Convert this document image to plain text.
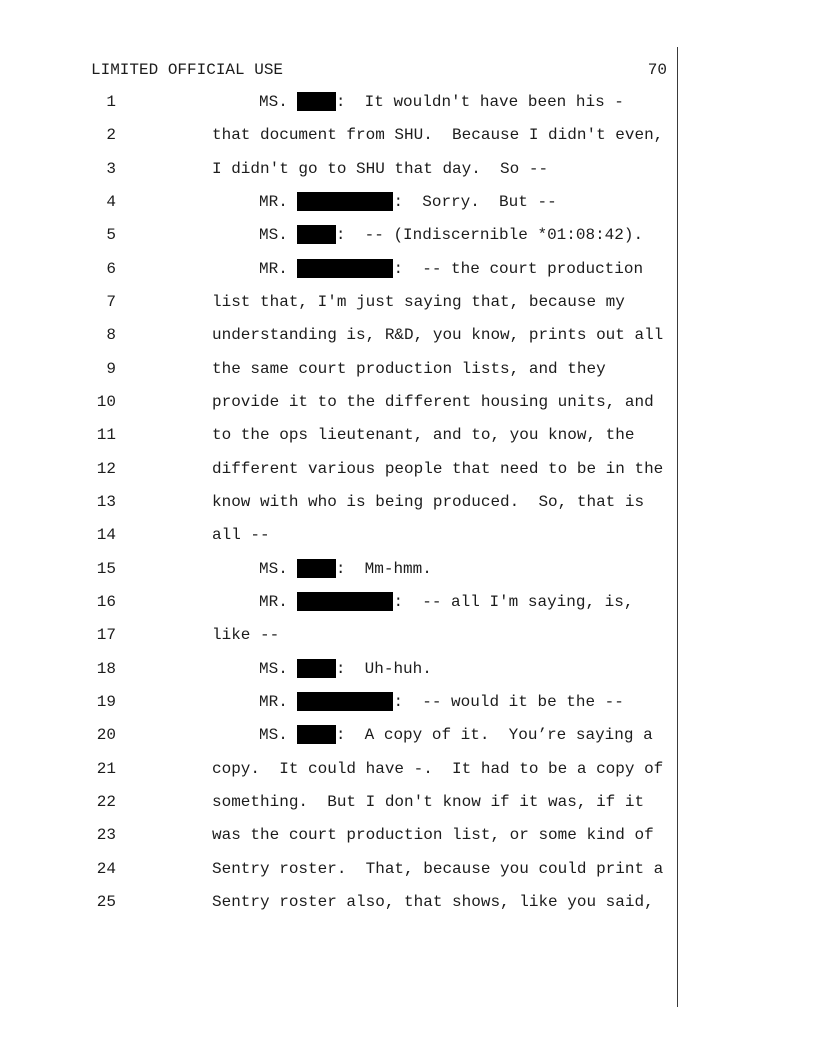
LIMITED OFFICIAL USE	70
1	MS.	:  It wouldn't have been his -
2	that document from SHU.  Because I didn't even,
3	I didn't go to SHU that day.  So --
4	MR.	:  Sorry.  But --
5	MS.	:  -- (Indiscernible *01:08:42).
6	MR.	:  -- the court production
7	list that, I'm just saying that, because my
8	understanding is, R&D, you know, prints out all
9	the same court production lists, and they
10	provide it to the different housing units, and
11	to the ops lieutenant, and to, you know, the
12	different various people that need to be in the
13	know with who is being produced.  So, that is
14	all --
15	MS.	:  Mm-hmm.
16	MR.	:  -- all I'm saying, is,
17	like --
18	MS.	:  Uh-huh.
19	MR.	:  -- would it be the --
20	MS.	:  A copy of it.  You’re saying a
21	copy.  It could have -.  It had to be a copy of
22	something.  But I don't know if it was, if it
23	was the court production list, or some kind of
24	Sentry roster.  That, because you could print a
25	Sentry roster also, that shows, like you said,
